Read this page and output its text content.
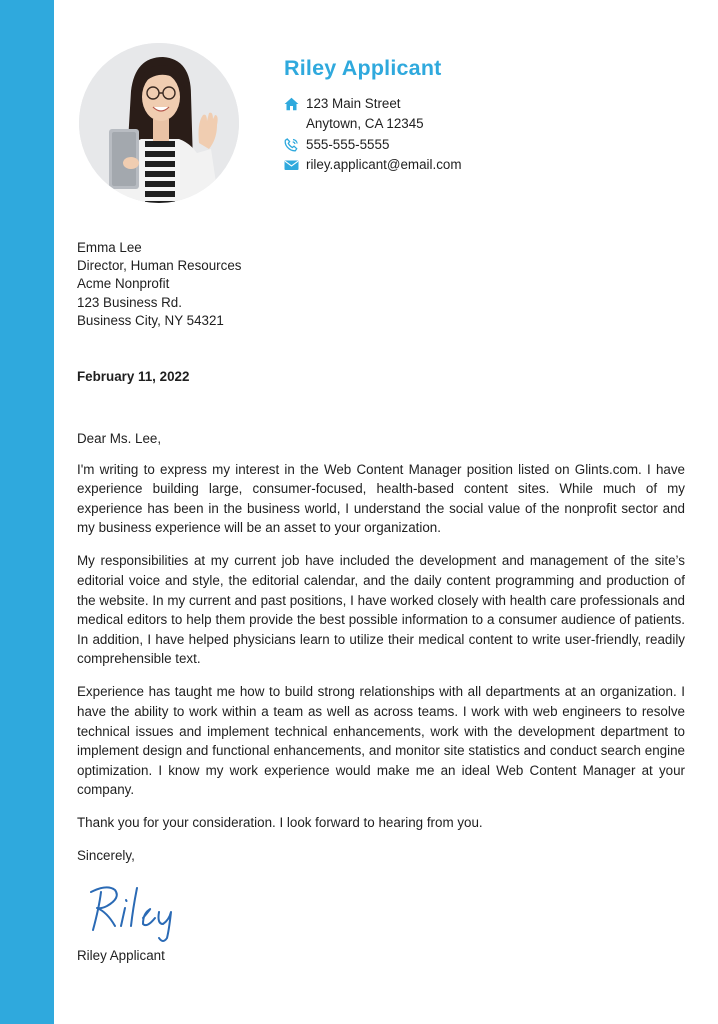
Riley Applicant
123 Main Street
Anytown, CA 12345
555-555-5555
riley.applicant@email.com
Emma Lee
Director, Human Resources
Acme Nonprofit
123 Business Rd.
Business City, NY 54321
February 11, 2022

Dear Ms. Lee,

I'm writing to express my interest in the Web Content Manager position listed on Glints.com. I have experience building large, consumer-focused, health-based content sites. While much of my experience has been in the business world, I understand the social value of the nonprofit sector and my business experience will be an asset to your organization.

My responsibilities at my current job have included the development and management of the site’s editorial voice and style, the editorial calendar, and the daily content programming and production of the website. In my current and past positions, I have worked closely with health care professionals and medical editors to help them provide the best possible information to a consumer audience of patients. In addition, I have helped physicians learn to utilize their medical content to write user-friendly, readily comprehensible text.

Experience has taught me how to build strong relationships with all departments at an organization. I have the ability to work within a team as well as across teams. I work with web engineers to resolve technical issues and implement technical enhancements, work with the development department to implement design and functional enhancements, and monitor site statistics and conduct search engine optimization. I know my work experience would make me an ideal Web Content Manager at your company.

Thank you for your consideration. I look forward to hearing from you.

Sincerely,

Riley Applicant
